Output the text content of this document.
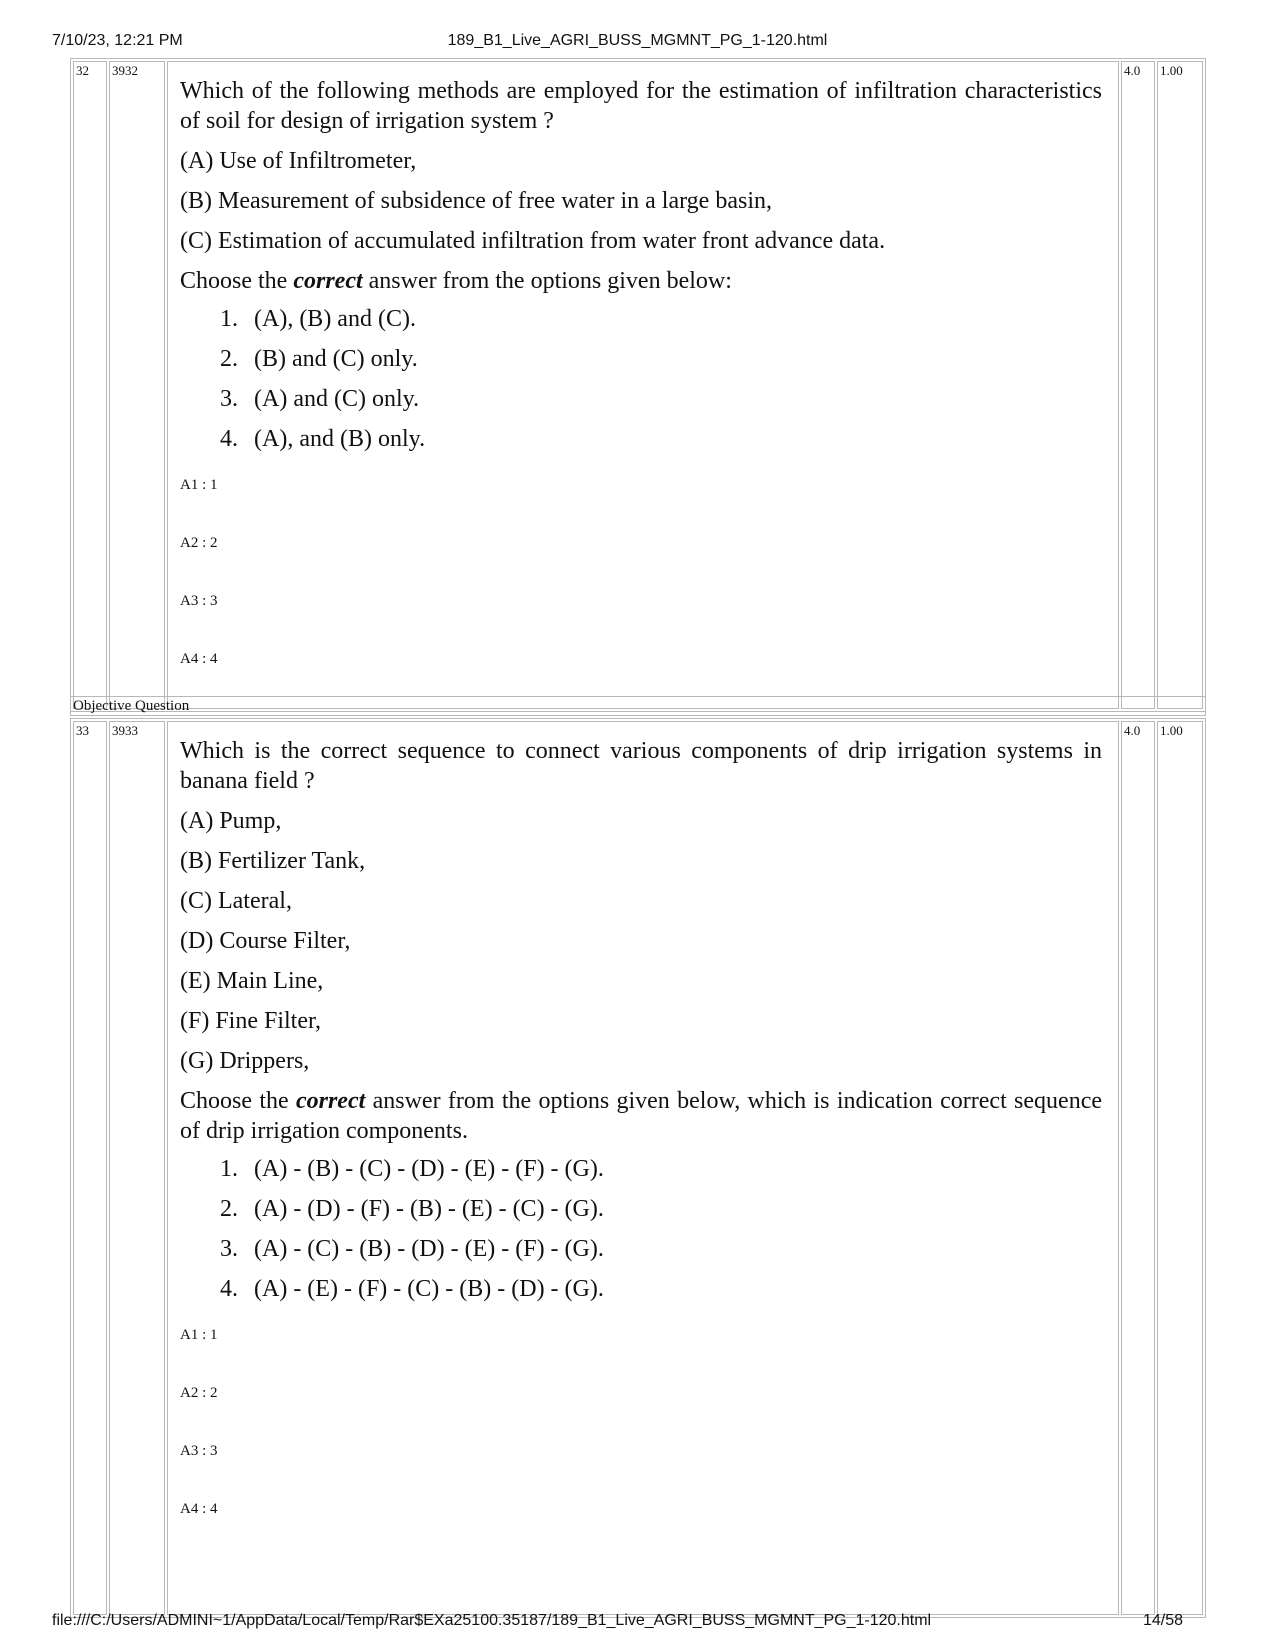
7/10/23, 12:21 PM	189_B1_Live_AGRI_BUSS_MGMNT_PG_1-120.html
32	3932	
Which of the following methods are employed for the estimation of infiltration characteristics of soil for design of irrigation system ?
(A) Use of Infiltrometer,
(B) Measurement of subsidence of free water in a large basin,
(C) Estimation of accumulated infiltration from water front advance data.
Choose the correct answer from the options given below:
1. (A), (B) and (C).
2. (B) and (C) only.
3. (A) and (C) only.
4. (A), and (B) only.
A1 : 1
A2 : 2
A3 : 3
A4 : 4
	4.0	1.00
Objective Question
33	3933	
Which is the correct sequence to connect various components of drip irrigation systems in banana field ?
(A) Pump,
(B) Fertilizer Tank,
(C) Lateral,
(D) Course Filter,
(E) Main Line,
(F) Fine Filter,
(G) Drippers,
Choose the correct answer from the options given below, which is indication correct sequence of drip irrigation components.
1. (A) - (B) - (C) - (D) - (E) - (F) - (G).
2. (A) - (D) - (F) - (B) - (E) - (C) - (G).
3. (A) - (C) - (B) - (D) - (E) - (F) - (G).
4. (A) - (E) - (F) - (C) - (B) - (D) - (G).
A1 : 1
A2 : 2
A3 : 3
A4 : 4
	4.0	1.00
file:///C:/Users/ADMINI~1/AppData/Local/Temp/Rar$EXa25100.35187/189_B1_Live_AGRI_BUSS_MGMNT_PG_1-120.html	14/58
